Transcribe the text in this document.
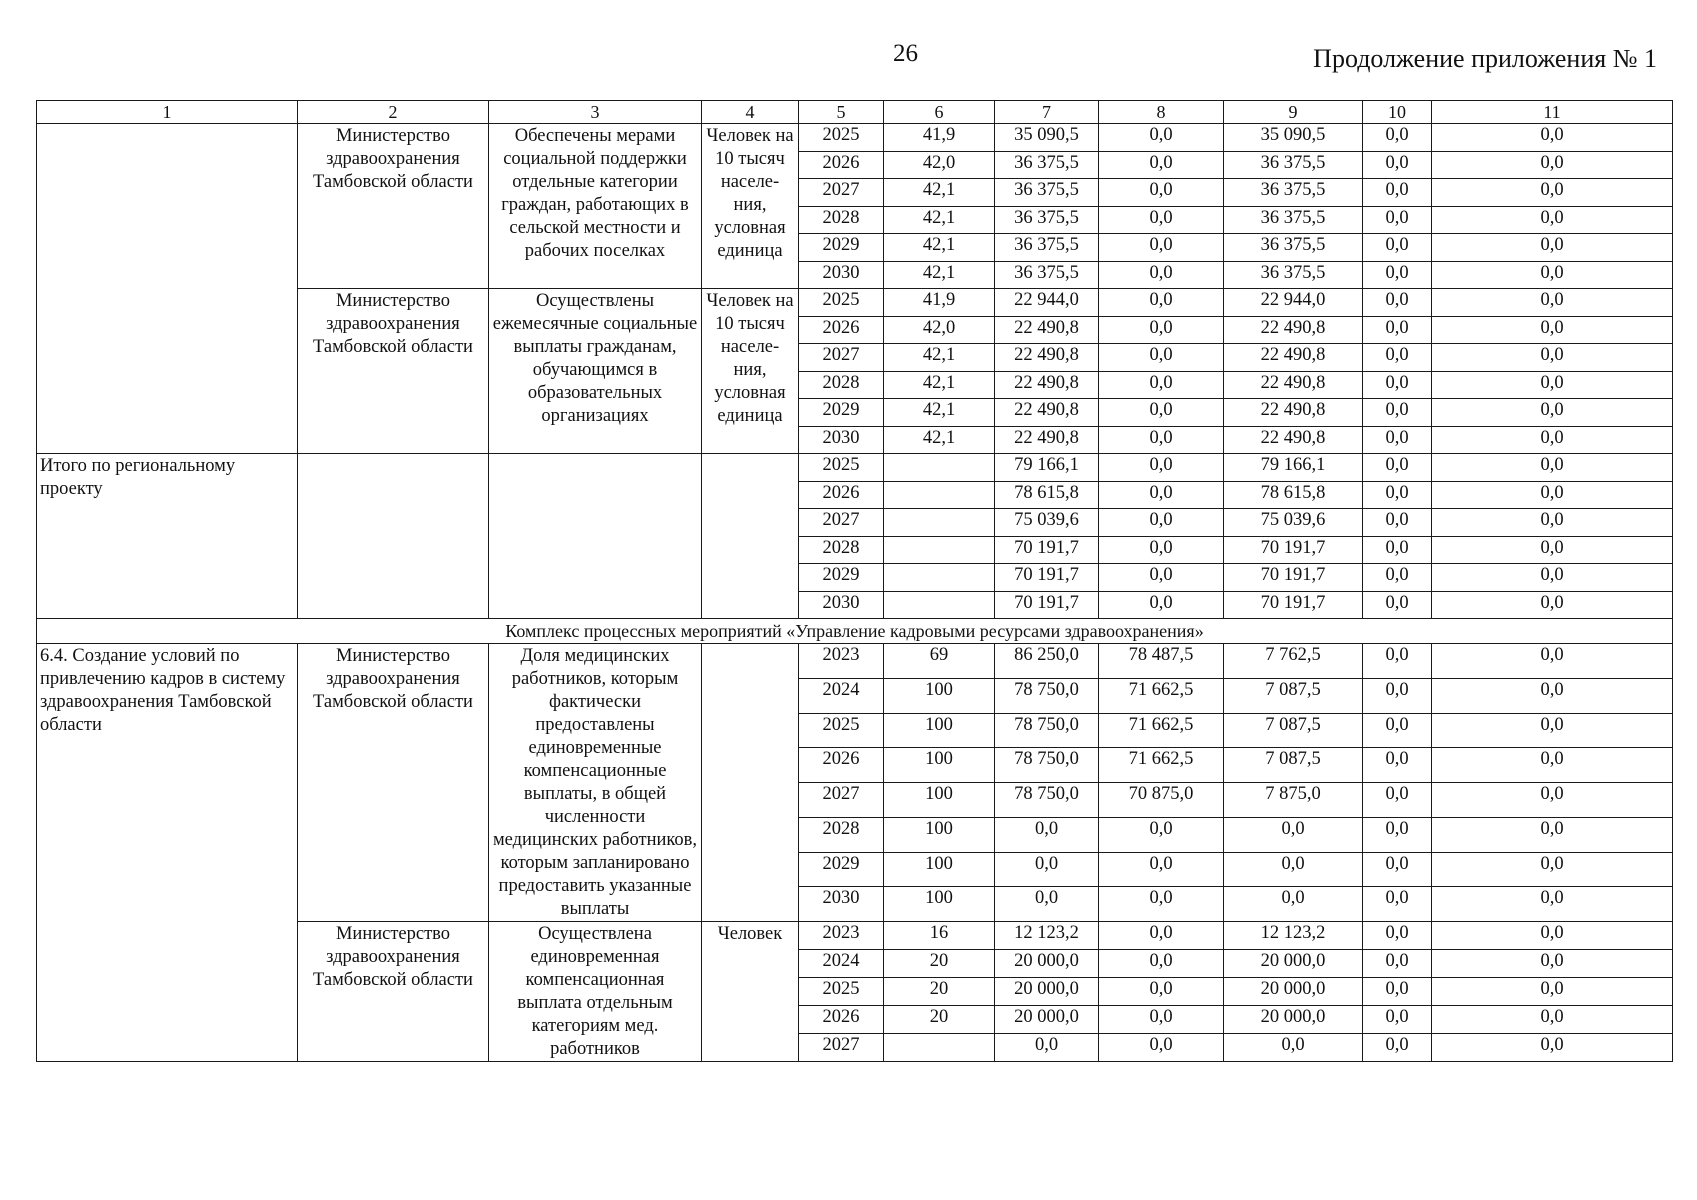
26	Продолжение приложения № 1
1	2	3	4	5	6	7	8	9	10	11
	Министерство здравоохранения Тамбовской области	Обеспечены мерами социальной поддержки отдельные категории граждан, работающих в сельской местности и рабочих поселках	Человек на 10 тысяч населе-ния, условная единица	2025	41,9	35 090,5	0,0	35 090,5	0,0	0,0
				2026	42,0	36 375,5	0,0	36 375,5	0,0	0,0
				2027	42,1	36 375,5	0,0	36 375,5	0,0	0,0
				2028	42,1	36 375,5	0,0	36 375,5	0,0	0,0
				2029	42,1	36 375,5	0,0	36 375,5	0,0	0,0
				2030	42,1	36 375,5	0,0	36 375,5	0,0	0,0
	Министерство здравоохранения Тамбовской области	Осуществлены ежемесячные социальные выплаты гражданам, обучающимся в образовательных организациях	Человек на 10 тысяч населе-ния, условная единица	2025	41,9	22 944,0	0,0	22 944,0	0,0	0,0
				2026	42,0	22 490,8	0,0	22 490,8	0,0	0,0
				2027	42,1	22 490,8	0,0	22 490,8	0,0	0,0
				2028	42,1	22 490,8	0,0	22 490,8	0,0	0,0
				2029	42,1	22 490,8	0,0	22 490,8	0,0	0,0
				2030	42,1	22 490,8	0,0	22 490,8	0,0	0,0
Итого по региональному проекту				2025		79 166,1	0,0	79 166,1	0,0	0,0
				2026		78 615,8	0,0	78 615,8	0,0	0,0
				2027		75 039,6	0,0	75 039,6	0,0	0,0
				2028		70 191,7	0,0	70 191,7	0,0	0,0
				2029		70 191,7	0,0	70 191,7	0,0	0,0
				2030		70 191,7	0,0	70 191,7	0,0	0,0
Комплекс процессных мероприятий «Управление кадровыми ресурсами здравоохранения»										
6.4. Создание условий по привлечению кадров в систему здравоохранения Тамбовской области	Министерство здравоохранения Тамбовской области	Доля медицинских работников, которым фактически предоставлены единовременные компенсационные выплаты, в общей численности медицинских работников, которым запланировано предоставить указанные выплаты		2023	69	86 250,0	78 487,5	7 762,5	0,0	0,0
				2024	100	78 750,0	71 662,5	7 087,5	0,0	0,0
				2025	100	78 750,0	71 662,5	7 087,5	0,0	0,0
				2026	100	78 750,0	71 662,5	7 087,5	0,0	0,0
				2027	100	78 750,0	70 875,0	7 875,0	0,0	0,0
				2028	100	0,0	0,0	0,0	0,0	0,0
				2029	100	0,0	0,0	0,0	0,0	0,0
				2030	100	0,0	0,0	0,0	0,0	0,0
	Министерство здравоохранения Тамбовской области	Осуществлена единовременная компенсационная выплата отдельным категориям мед. работников	Человек	2023	16	12 123,2	0,0	12 123,2	0,0	0,0
				2024	20	20 000,0	0,0	20 000,0	0,0	0,0
				2025	20	20 000,0	0,0	20 000,0	0,0	0,0
				2026	20	20 000,0	0,0	20 000,0	0,0	0,0
				2027		0,0	0,0	0,0	0,0	0,0
